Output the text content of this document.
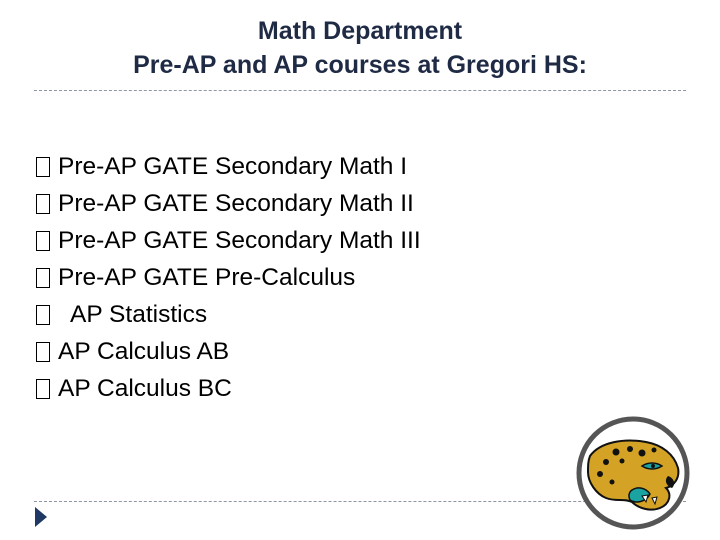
Math Department
Pre-AP and AP courses at Gregori HS:
Pre-AP GATE Secondary Math I
Pre-AP GATE Secondary Math II
Pre-AP GATE Secondary Math III
Pre-AP GATE Pre-Calculus
AP Statistics
AP Calculus AB
AP Calculus BC
